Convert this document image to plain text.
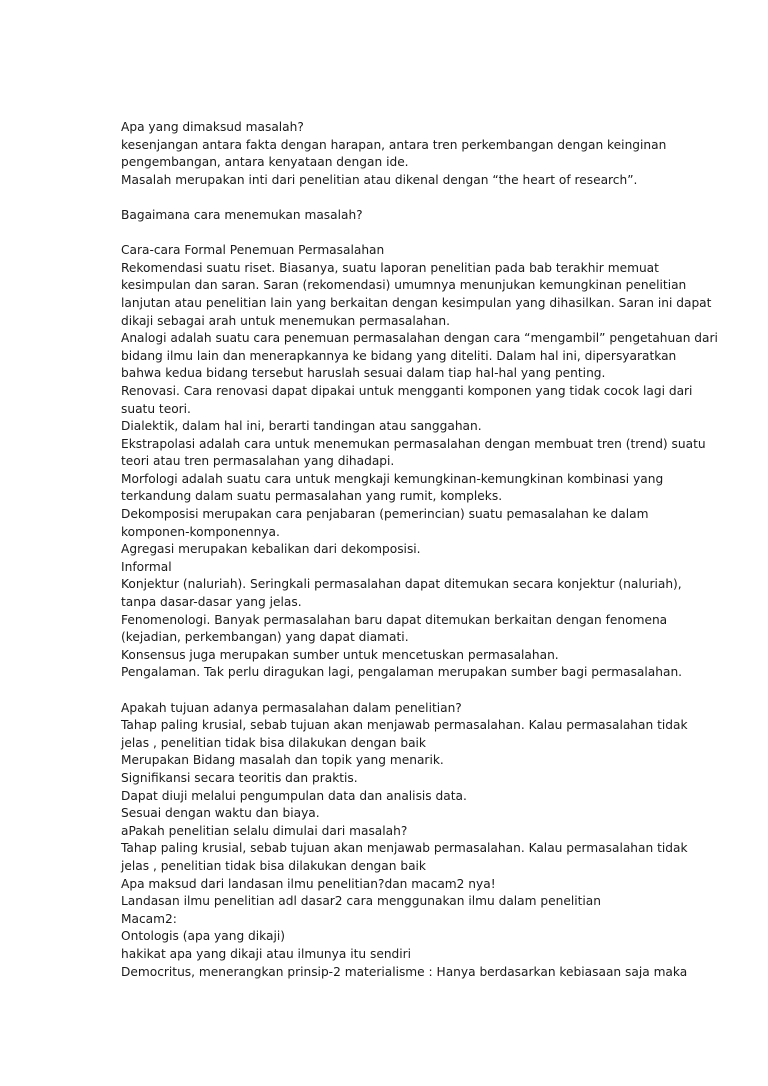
Apa yang dimaksud masalah?
kesenjangan antara fakta dengan harapan, antara tren perkembangan dengan keinginan
pengembangan, antara kenyataan dengan ide.
Masalah merupakan inti dari penelitian atau dikenal dengan “the heart of research”.
Bagaimana cara menemukan masalah?
Cara-cara Formal Penemuan Permasalahan
Rekomendasi suatu riset. Biasanya, suatu laporan penelitian pada bab terakhir memuat
kesimpulan dan saran. Saran (rekomendasi) umumnya menunjukan kemungkinan penelitian
lanjutan atau penelitian lain yang berkaitan dengan kesimpulan yang dihasilkan. Saran ini dapat
dikaji sebagai arah untuk menemukan permasalahan.
Analogi adalah suatu cara penemuan permasalahan dengan cara “mengambil” pengetahuan dari
bidang ilmu lain dan menerapkannya ke bidang yang diteliti. Dalam hal ini, dipersyaratkan
bahwa kedua bidang tersebut haruslah sesuai dalam tiap hal-hal yang penting.
Renovasi. Cara renovasi dapat dipakai untuk mengganti komponen yang tidak cocok lagi dari
suatu teori.
Dialektik, dalam hal ini, berarti tandingan atau sanggahan.
Ekstrapolasi adalah cara untuk menemukan permasalahan dengan membuat tren (trend) suatu
teori atau tren permasalahan yang dihadapi.
Morfologi adalah suatu cara untuk mengkaji kemungkinan-kemungkinan kombinasi yang
terkandung dalam suatu permasalahan yang rumit, kompleks.
Dekomposisi merupakan cara penjabaran (pemerincian) suatu pemasalahan ke dalam
komponen-komponennya.
Agregasi merupakan kebalikan dari dekomposisi.
Informal
Konjektur (naluriah). Seringkali permasalahan dapat ditemukan secara konjektur (naluriah),
tanpa dasar-dasar yang jelas.
Fenomenologi. Banyak permasalahan baru dapat ditemukan berkaitan dengan fenomena
(kejadian, perkembangan) yang dapat diamati.
Konsensus juga merupakan sumber untuk mencetuskan permasalahan.
Pengalaman. Tak perlu diragukan lagi, pengalaman merupakan sumber bagi permasalahan.
Apakah tujuan adanya permasalahan dalam penelitian?
Tahap paling krusial, sebab tujuan akan menjawab permasalahan. Kalau permasalahan tidak
jelas , penelitian tidak bisa dilakukan dengan baik
Merupakan Bidang masalah dan topik yang menarik.
Signifikansi secara teoritis dan praktis.
Dapat diuji melalui pengumpulan data dan analisis data.
Sesuai dengan waktu dan biaya.
aPakah penelitian selalu dimulai dari masalah?
Tahap paling krusial, sebab tujuan akan menjawab permasalahan. Kalau permasalahan tidak
jelas , penelitian tidak bisa dilakukan dengan baik
Apa maksud dari landasan ilmu penelitian?dan macam2 nya!
Landasan ilmu penelitian adl dasar2 cara menggunakan ilmu dalam penelitian
Macam2:
Ontologis (apa yang dikaji)
hakikat apa yang dikaji atau ilmunya itu sendiri
Democritus, menerangkan prinsip-2 materialisme : Hanya berdasarkan kebiasaan saja maka
